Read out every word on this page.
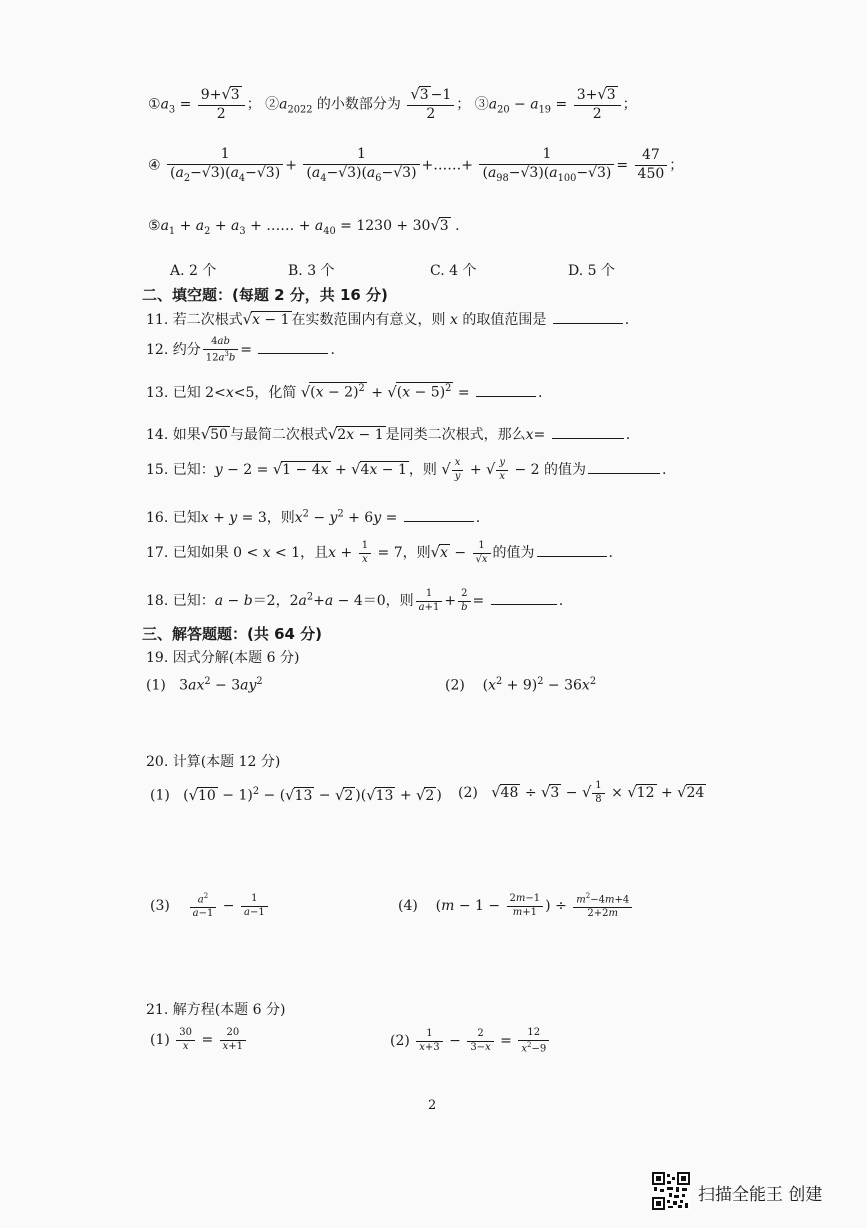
$①a_3 = \frac{9+√3}{2}$ ； $②a_{2022}$ 的小数部分为 $\frac{√3 -1}{2}$ ； $③a_{20} - a_{19} = \frac{3+√3}{2}$ ；
④ $\frac{1}{(a_2-√3)(a_4-√3)} + \frac{1}{(a_4-√3)(a_6-√3)}$ +……+ $\frac{1}{(a_{98}-√3)(a_{100}-√3)} = \frac{47}{450}$ ；
$⑤a_1 + a_2 + a_3$ + …… + $a_{40} = 1230 + 30√3$ .
A. 2 个	B. 3 个	C. 4 个	D. 5 个
二、填空题：(每题 2 分，共 16 分)
11. 若二次根式√x − 1 在实数范围内有意义，则 x 的取值范围是	.
12. 约分 $\frac{4ab}{12a^3b}$ =	.
13. 已知 2<x<5，化简 $√(x - 2)^2 + √(x - 5)^2$ =	.
14. 如果√50 与最简二次根式√2x − 1 是同类二次根式，那么x=	.
15. 已知：y − 2 = √1 − 4x + √4x − 1 ，则 √ $\frac{x}{y}$ + √ $\frac{y}{x} - 2$ 的值为	.
16. 已知x + y = 3，则$x^2 - y^2 + 6y$ =	.
17. 已知如果 0 < x < 1，且$x + \frac{1}{x} = 7$，则$√x - \frac{1}{√x}$ 的值为	.
18. 已知：a − b＝2，$2a^2+a - 4=0$，则 $\frac{1}{a+1} + \frac{2}{b}$ =	.
三、解答题题：(共 64 分)
19. 因式分解(本题 6 分)
(1)   $3ax^2 - 3ay^2$	(2)    $(x^2 + 9)^2 - 36x^2$
20. 计算(本题 12 分)
(1)   $(√10 - 1)^2 - (√13 - √2$ )(√13 + √2 ) (2)   √48 ÷ √3 − √ $\frac{1}{8} \times √12 + √24$
$(3) \frac{a^2}{a-1} - \frac{1}{a-1}$	(4)    ($m - 1 - \frac{2m-1}{m+1}$ ) ÷ $\frac{m^2-4m+4}{2+2m}$
21. 解方程(本题 6 分)
$(1) \frac{30}{x} = \frac{20}{x+1}$	$(2) \frac{1}{x+3} - \frac{2}{3-x} = \frac{12}{x^2-9}$
2
扫描全能王 创建
